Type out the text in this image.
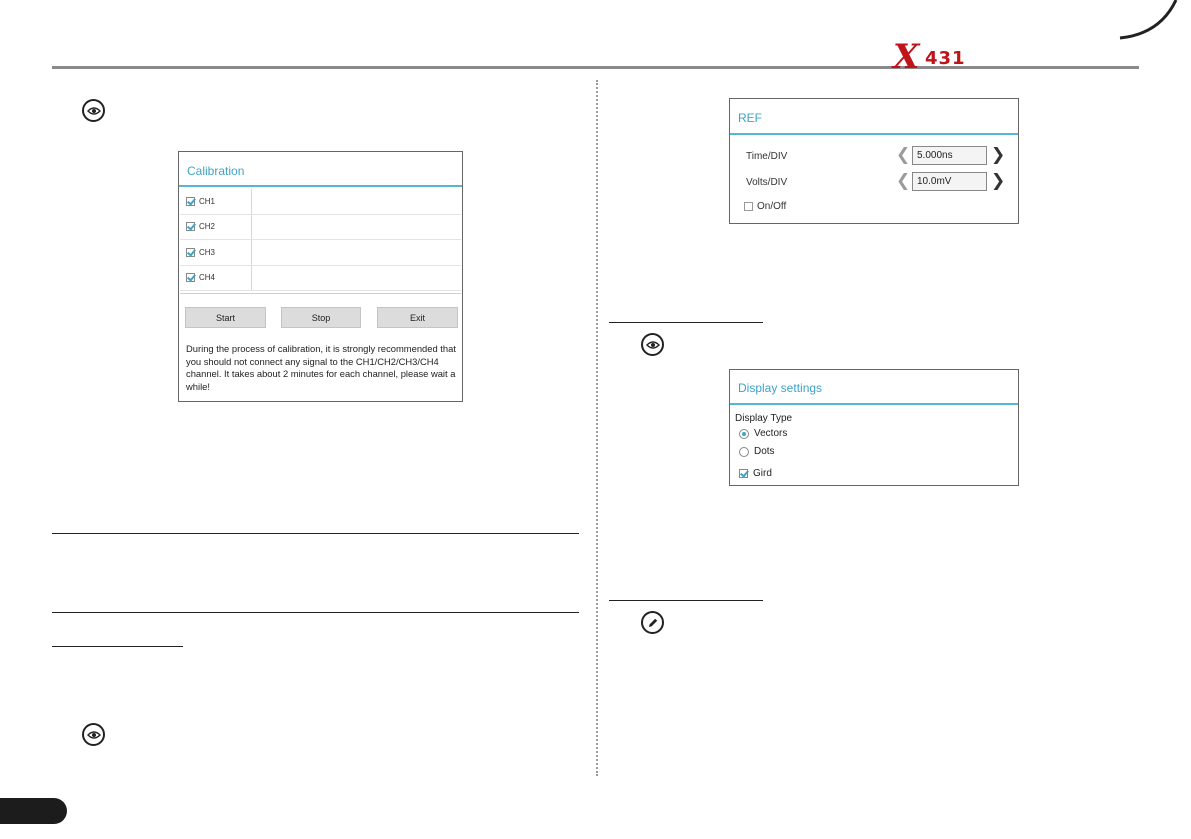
X 431
Calibration
CH1
CH2
CH3
CH4
Start	Stop	Exit
During the process of calibration, it is strongly recommended that you should not connect any signal to the CH1/CH2/CH3/CH4 channel. It takes about 2 minutes for each channel, please wait a while!
REF
Time/DIV	❮ 5.000ns	❯
Volts/DIV	❮ 10.0mV	❯
On/Off
Display settings
Display Type
Vectors
Dots
Gird
